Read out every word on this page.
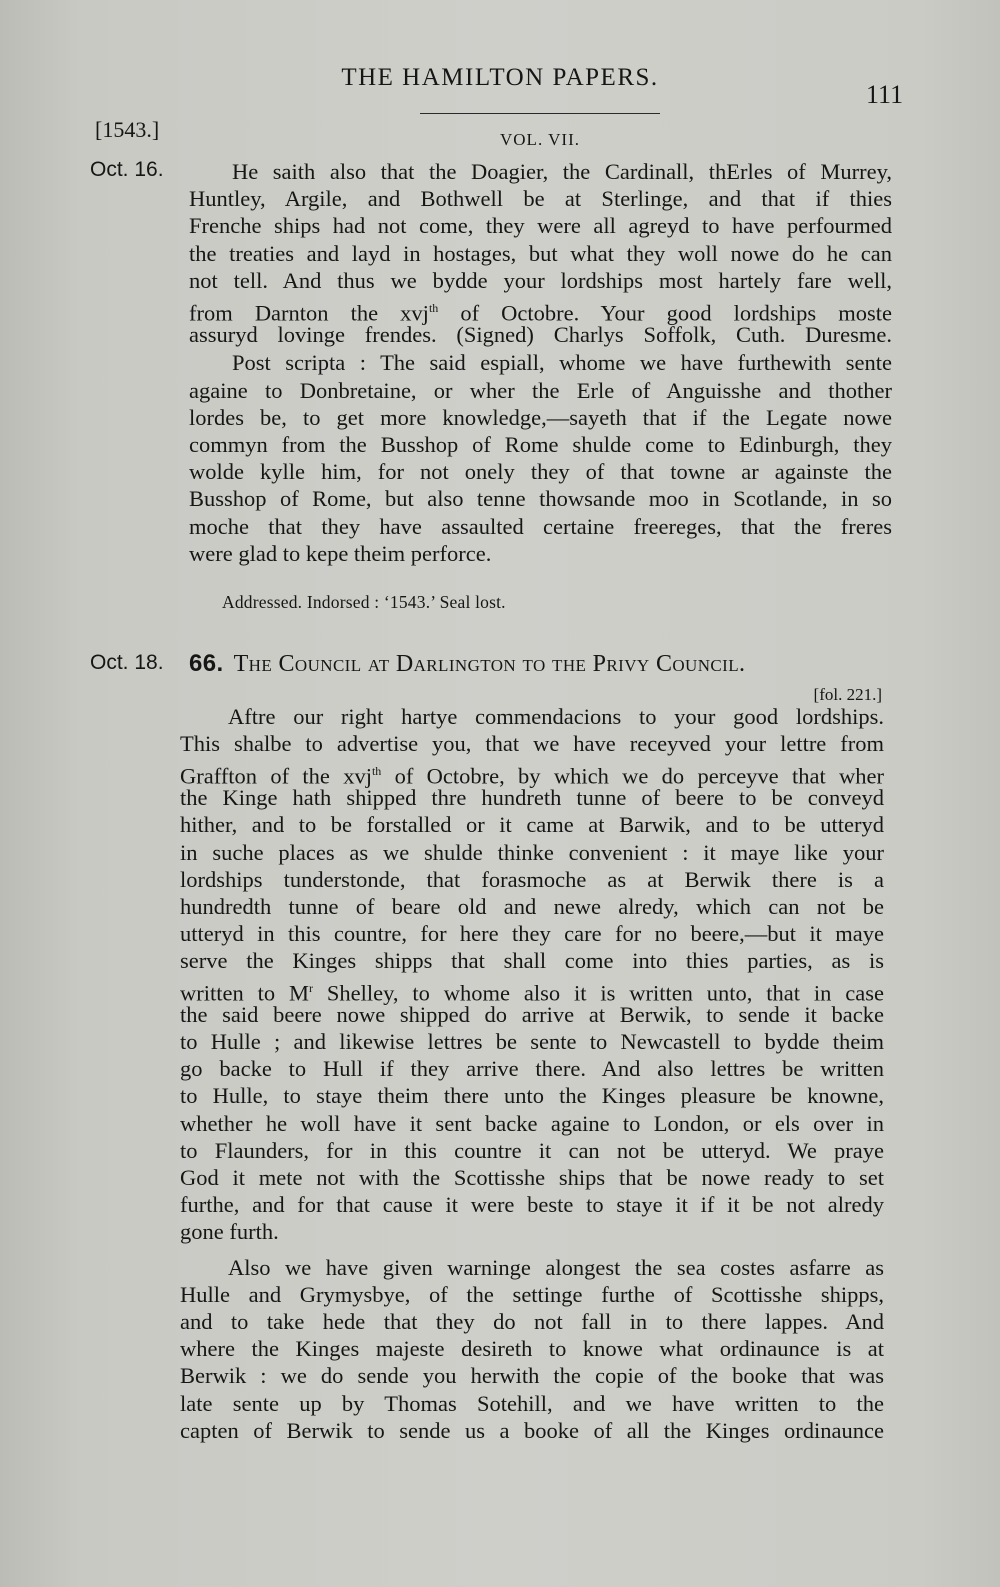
THE HAMILTON PAPERS.
111
[1543.]	VOL. VII.
Oct. 16.
Oct. 18.
He saith also that the Doagier, the Cardinall, thErles of Murrey,
Huntley, Argile, and Bothwell be at Sterlinge, and that if thies
Frenche ships had not come, they were all agreyd to have perfourmed
the treaties and layd in hostages, but what they woll nowe do he can
not tell. And thus we bydde your lordships most hartely fare well,
from Darnton the xvj$^{th}$ of Octobre. Your good lordships moste
assuryd lovinge frendes. (Signed) Charlys Soffolk, Cuth. Duresme.
Post scripta : The said espiall, whome we have furthewith sente
againe to Donbretaine, or wher the Erle of Anguisshe and thother
lordes be, to get more knowledge,—sayeth that if the Legate nowe
commyn from the Busshop of Rome shulde come to Edinburgh, they
wolde kylle him, for not onely they of that towne ar againste the
Busshop of Rome, but also tenne thowsande moo in Scotlande, in so
moche that they have assaulted certaine freereges, that the freres
were glad to kepe theim perforce.
Addressed. Indorsed : ‘1543.’ Seal lost.
66. The Council at Darlington to the Privy Council.
[fol. 221.]
Aftre our right hartye commendacions to your good lordships.
This shalbe to advertise you, that we have receyved your lettre from
Graffton of the xvj$^{th}$ of Octobre, by which we do perceyve that wher
the Kinge hath shipped thre hundreth tunne of beere to be conveyd
hither, and to be forstalled or it came at Barwik, and to be utteryd
in suche places as we shulde thinke convenient : it maye like your
lordships tunderstonde, that forasmoche as at Berwik there is a
hundredth tunne of beare old and newe alredy, which can not be
utteryd in this countre, for here they care for no beere,—but it maye
serve the Kinges shipps that shall come into thies parties, as is
written to $M^r$ Shelley, to whome also it is written unto, that in case
the said beere nowe shipped do arrive at Berwik, to sende it backe
to Hulle ; and likewise lettres be sente to Newcastell to bydde theim
go backe to Hull if they arrive there. And also lettres be written
to Hulle, to staye theim there unto the Kinges pleasure be knowne,
whether he woll have it sent backe againe to London, or els over in
to Flaunders, for in this countre it can not be utteryd. We praye
God it mete not with the Scottisshe ships that be nowe ready to set
furthe, and for that cause it were beste to staye it if it be not alredy
gone furth.
Also we have given warninge alongest the sea costes asfarre as
Hulle and Grymysbye, of the settinge furthe of Scottisshe shipps,
and to take hede that they do not fall in to there lappes. And
where the Kinges majeste desireth to knowe what ordinaunce is at
Berwik : we do sende you herwith the copie of the booke that was
late sente up by Thomas Sotehill, and we have written to the
capten of Berwik to sende us a booke of all the Kinges ordinaunce
